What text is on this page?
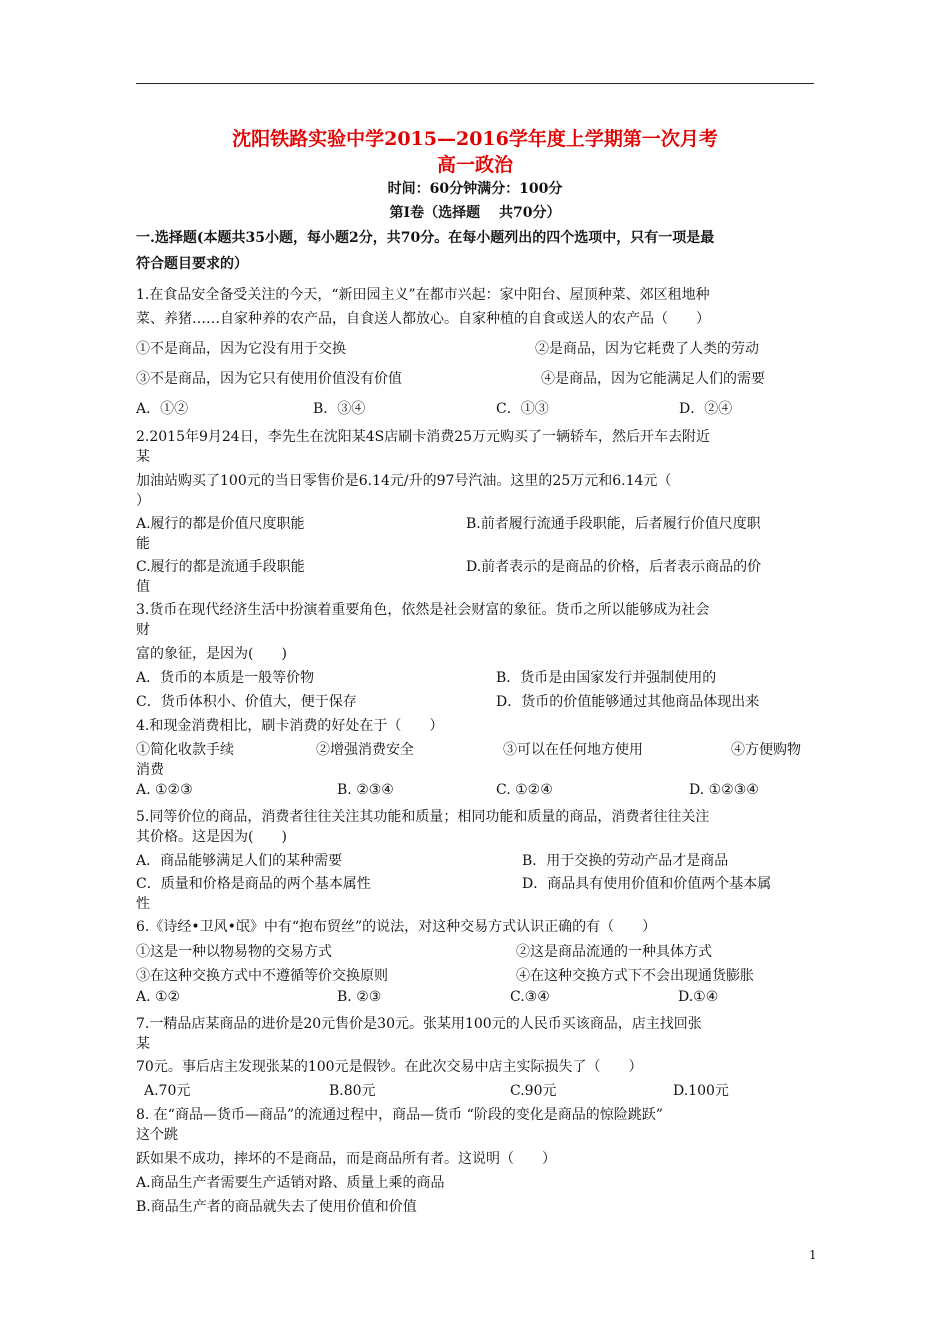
沈阳铁路实验中学2015—2016学年度上学期第一次月考
高一政治
时间：60分钟满分：100分
第Ⅰ卷（选择题　 共70分）
一.选择题(本题共35小题，每小题2分，共70分。在每小题列出的四个选项中，只有一项是最
符合题目要求的）
1.在食品安全备受关注的今天，“新田园主义”在都市兴起：家中阳台、屋顶种菜、郊区租地种
菜、养猪……自家种养的农产品，自食送人都放心。自家种植的自食或送人的农产品（　　）
①不是商品，因为它没有用于交换	②是商品，因为它耗费了人类的劳动
③不是商品，因为它只有使用价值没有价值	④是商品，因为它能满足人们的需要
A．①②	B．③④	C．①③	D．②④
2.2015年9月24日，李先生在沈阳某4S店刷卡消费25万元购买了一辆轿车，然后开车去附近
某
加油站购买了100元的当日零售价是6.14元/升的97号汽油。这里的25万元和6.14元（
）
A.履行的都是价值尺度职能	B.前者履行流通手段职能，后者履行价值尺度职
能
C.履行的都是流通手段职能	D.前者表示的是商品的价格，后者表示商品的价
值
3.货币在现代经济生活中扮演着重要角色，依然是社会财富的象征。货币之所以能够成为社会
财
富的象征，是因为(　　)
A．货币的本质是一般等价物	B．货币是由国家发行并强制使用的
C．货币体积小、价值大，便于保存	D．货币的价值能够通过其他商品体现出来
4.和现金消费相比，刷卡消费的好处在于（　　）
①简化收款手续	②增强消费安全	③可以在任何地方使用	④方便购物
消费
A. ①②③	B. ②③④	C. ①②④	D. ①②③④
5.同等价位的商品，消费者往往关注其功能和质量；相同功能和质量的商品，消费者往往关注
其价格。这是因为(　　)
A．商品能够满足人们的某种需要	B．用于交换的劳动产品才是商品
C．质量和价格是商品的两个基本属性	D．商品具有使用价值和价值两个基本属
性
6.《诗经•卫风•氓》中有“抱布贸丝”的说法，对这种交易方式认识正确的有（　　）
①这是一种以物易物的交易方式	②这是商品流通的一种具体方式
③在这种交换方式中不遵循等价交换原则	④在这种交换方式下不会出现通货膨胀
A. ①②	B. ②③	C.③④	D.①④
7.一精品店某商品的进价是20元售价是30元。张某用100元的人民币买该商品，店主找回张
某
70元。事后店主发现张某的100元是假钞。在此次交易中店主实际损失了（　　）
A.70元	B.80元	C.90元	D.100元
8. 在“商品—货币—商品”的流通过程中，商品—货币 “阶段的变化是商品的惊险跳跃”
这个跳
跃如果不成功，摔坏的不是商品，而是商品所有者。这说明（　　）
A.商品生产者需要生产适销对路、质量上乘的商品
B.商品生产者的商品就失去了使用价值和价值
1
